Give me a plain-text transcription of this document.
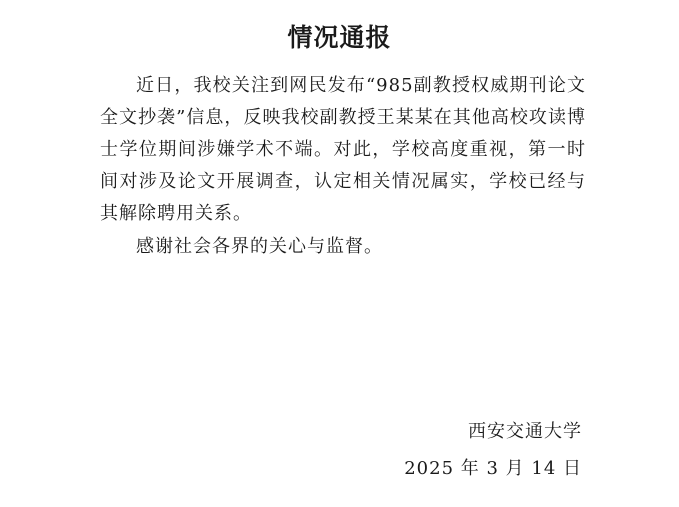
情况通报

近日，我校关注到网民发布“985副教授权威期刊论文全文抄袭”信息，反映我校副教授王某某在其他高校攻读博士学位期间涉嫌学术不端。对此，学校高度重视，第一时间对涉及论文开展调查，认定相关情况属实，学校已经与其解除聘用关系。

感谢社会各界的关心与监督。

西安交通大学
2025 年 3 月 14 日
